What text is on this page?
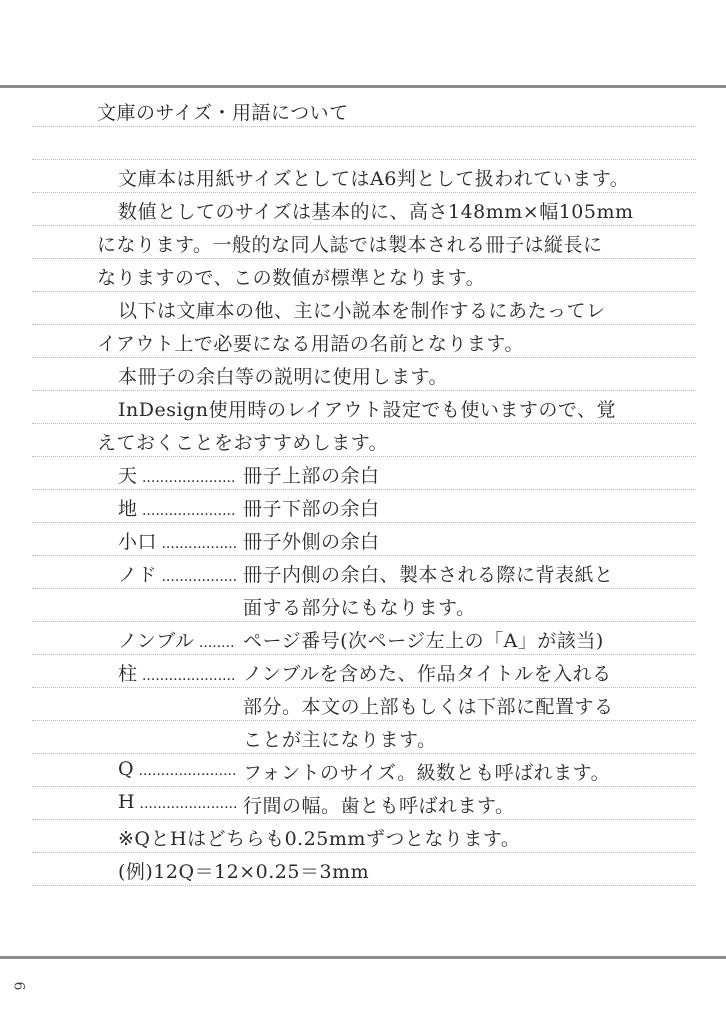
文庫のサイズ・用語について
文庫本は用紙サイズとしてはA6判として扱われています。
数値としてのサイズは基本的に、高さ148mm×幅105mm
になります。一般的な同人誌では製本される冊子は縦長に
なりますので、この数値が標準となります。
以下は文庫本の他、主に小説本を制作するにあたってレ
イアウト上で必要になる用語の名前となります。
本冊子の余白等の説明に使用します。
InDesign使用時のレイアウト設定でも使いますので、覚
えておくことをおすすめします。
天 .....	冊子上部の余白
地 .....	冊子下部の余白
小口 .....	冊子外側の余白
ノド .....	冊子内側の余白、製本される際に背表紙と
面する部分にもなります。
ノンブル .....	ページ番号(次ページ左上の「A」が該当)
柱 .....	ノンブルを含めた、作品タイトルを入れる
部分。本文の上部もしくは下部に配置する
ことが主になります。
Q .....	フォントのサイズ。級数とも呼ばれます。
H .....	行間の幅。歯とも呼ばれます。
※QとHはどちらも0.25mmずつとなります。
(例)12Q＝12×0.25＝3mm
6
